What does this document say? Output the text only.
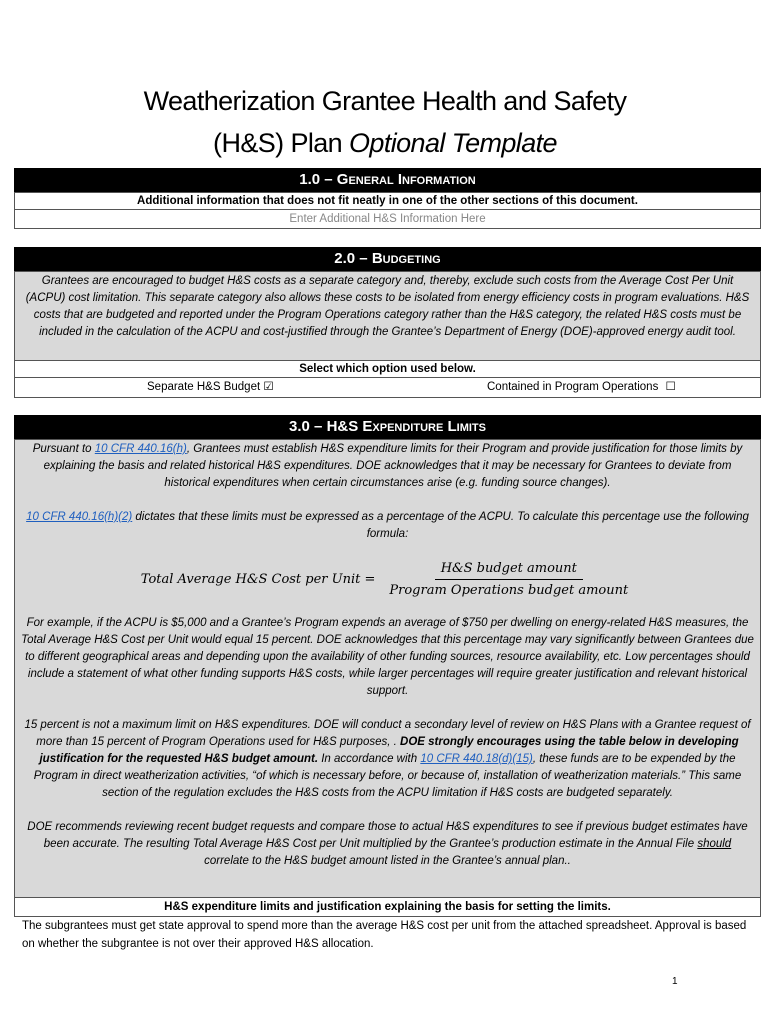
Weatherization Grantee Health and Safety
(H&S) Plan Optional Template
1.0 – General Information
Additional information that does not fit neatly in one of the other sections of this document.
Enter Additional H&S Information Here
2.0 – Budgeting

Grantees are encouraged to budget H&S costs as a separate category and, thereby, exclude such costs from the Average Cost Per Unit (ACPU) cost limitation. This separate category also allows these costs to be isolated from energy efficiency costs in program evaluations. H&S costs that are budgeted and reported under the Program Operations category rather than the H&S category, the related H&S costs must be included in the calculation of the ACPU and cost-justified through the Grantee’s Department of Energy (DOE)-approved energy audit tool.

Select which option used below.
Separate H&S Budget ☑	Contained in Program Operations ☐
3.0 – H&S Expenditure Limits

Pursuant to 10 CFR 440.16(h), Grantees must establish H&S expenditure limits for their Program and provide justification for those limits by explaining the basis and related historical H&S expenditures. DOE acknowledges that it may be necessary for Grantees to deviate from historical expenditures when certain circumstances arise (e.g. funding source changes).

10 CFR 440.16(h)(2) dictates that these limits must be expressed as a percentage of the ACPU. To calculate this percentage use the following formula:

Total Average H&S Cost per Unit = $\frac{\text{H\&S budget amount}}{\text{Program Operations budget amount}}$

For example, if the ACPU is $5,000 and a Grantee’s Program expends an average of $750 per dwelling on energy-related H&S measures, the Total Average H&S Cost per Unit would equal 15 percent. DOE acknowledges that this percentage may vary significantly between Grantees due to different geographical areas and depending upon the availability of other funding sources, resource availability, etc. Low percentages should include a statement of what other funding supports H&S costs, while larger percentages will require greater justification and relevant historical support.

15 percent is not a maximum limit on H&S expenditures. DOE will conduct a secondary level of review on H&S Plans with a Grantee request of more than 15 percent of Program Operations used for H&S purposes, . DOE strongly encourages using the table below in developing justification for the requested H&S budget amount. In accordance with 10 CFR 440.18(d)(15), these funds are to be expended by the Program in direct weatherization activities, “of which is necessary before, or because of, installation of weatherization materials.” This same section of the regulation excludes the H&S costs from the ACPU limitation if H&S costs are budgeted separately.

DOE recommends reviewing recent budget requests and compare those to actual H&S expenditures to see if previous budget estimates have been accurate. The resulting Total Average H&S Cost per Unit multiplied by the Grantee’s production estimate in the Annual File should correlate to the H&S budget amount listed in the Grantee’s annual plan..

H&S expenditure limits and justification explaining the basis for setting the limits.
The subgrantees must get state approval to spend more than the average H&S cost per unit from the attached spreadsheet. Approval is based on whether the subgrantee is not over their approved H&S allocation.
1
